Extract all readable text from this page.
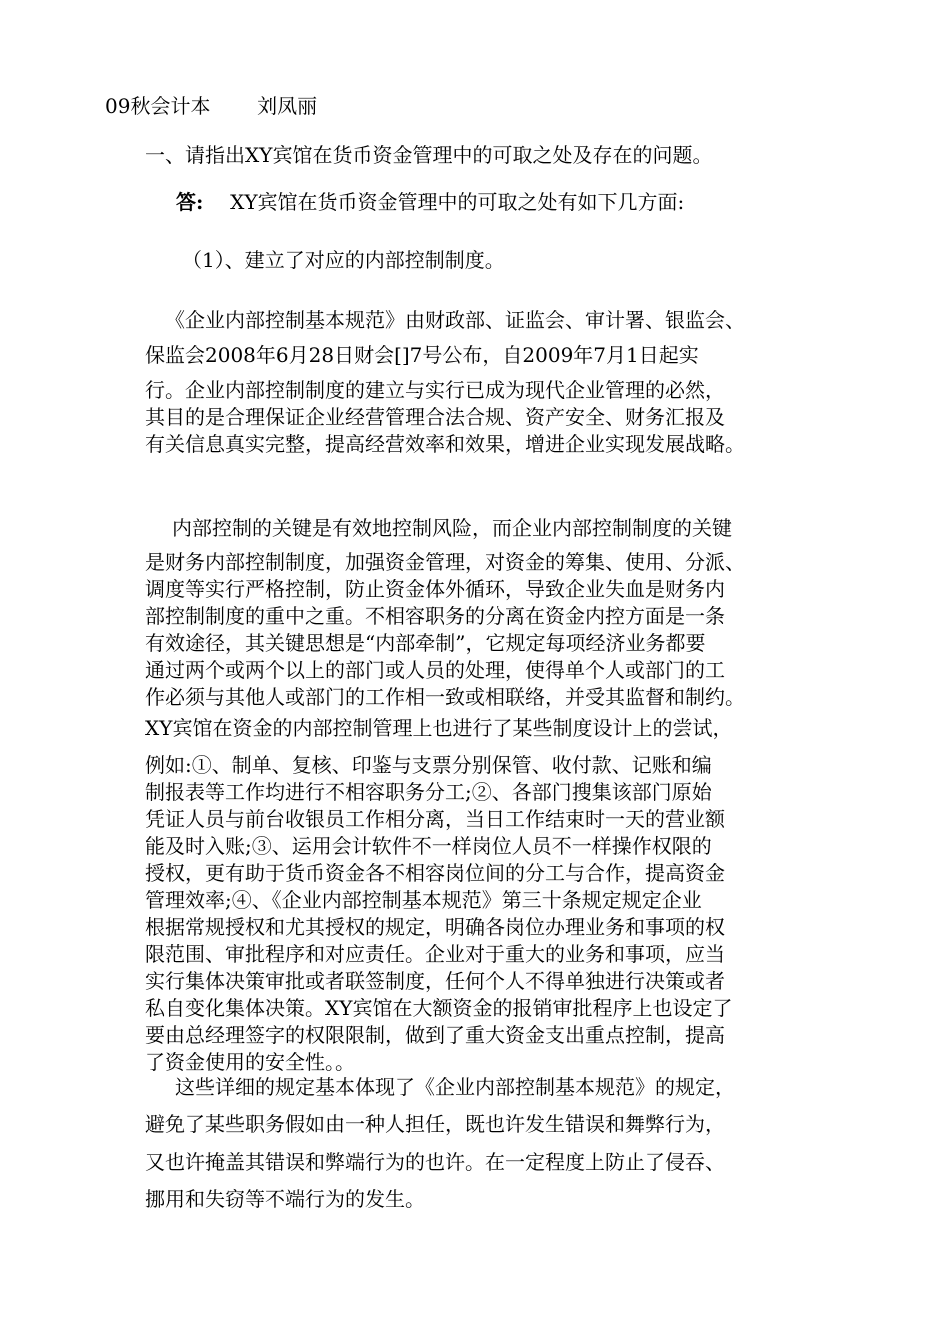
09秋会计本 刘凤丽
一、请指出XY宾馆在货币资金管理中的可取之处及存在的问题。
答: XY宾馆在货币资金管理中的可取之处有如下几方面:
（1）、建立了对应的内部控制制度。
《企业内部控制基本规范》由财政部、证监会、审计署、银监会、
保监会2008年6月28日财会[]7号公布，自2009年7月1日起实
行。企业内部控制制度的建立与实行已成为现代企业管理的必然，
其目的是合理保证企业经营管理合法合规、资产安全、财务汇报及
有关信息真实完整，提高经营效率和效果，增进企业实现发展战略。
内部控制的关键是有效地控制风险，而企业内部控制制度的关键
是财务内部控制制度，加强资金管理，对资金的筹集、使用、分派、
调度等实行严格控制，防止资金体外循环，导致企业失血是财务内
部控制制度的重中之重。不相容职务的分离在资金内控方面是一条
有效途径，其关键思想是“内部牵制”，它规定每项经济业务都要
通过两个或两个以上的部门或人员的处理，使得单个人或部门的工
作必须与其他人或部门的工作相一致或相联络，并受其监督和制约。
XY宾馆在资金的内部控制管理上也进行了某些制度设计上的尝试，
例如:①、制单、复核、印鉴与支票分别保管、收付款、记账和编
制报表等工作均进行不相容职务分工;②、各部门搜集该部门原始
凭证人员与前台收银员工作相分离，当日工作结束时一天的营业额
能及时入账;③、运用会计软件不一样岗位人员不一样操作权限的
授权，更有助于货币资金各不相容岗位间的分工与合作，提高资金
管理效率;④、《企业内部控制基本规范》第三十条规定规定企业
根据常规授权和尤其授权的规定，明确各岗位办理业务和事项的权
限范围、审批程序和对应责任。企业对于重大的业务和事项，应当
实行集体决策审批或者联签制度，任何个人不得单独进行决策或者
私自变化集体决策。XY宾馆在大额资金的报销审批程序上也设定了
要由总经理签字的权限限制，做到了重大资金支出重点控制，提高
了资金使用的安全性。。
这些详细的规定基本体现了《企业内部控制基本规范》的规定，
避免了某些职务假如由一种人担任，既也许发生错误和舞弊行为，
又也许掩盖其错误和弊端行为的也许。在一定程度上防止了侵吞、
挪用和失窃等不端行为的发生。
